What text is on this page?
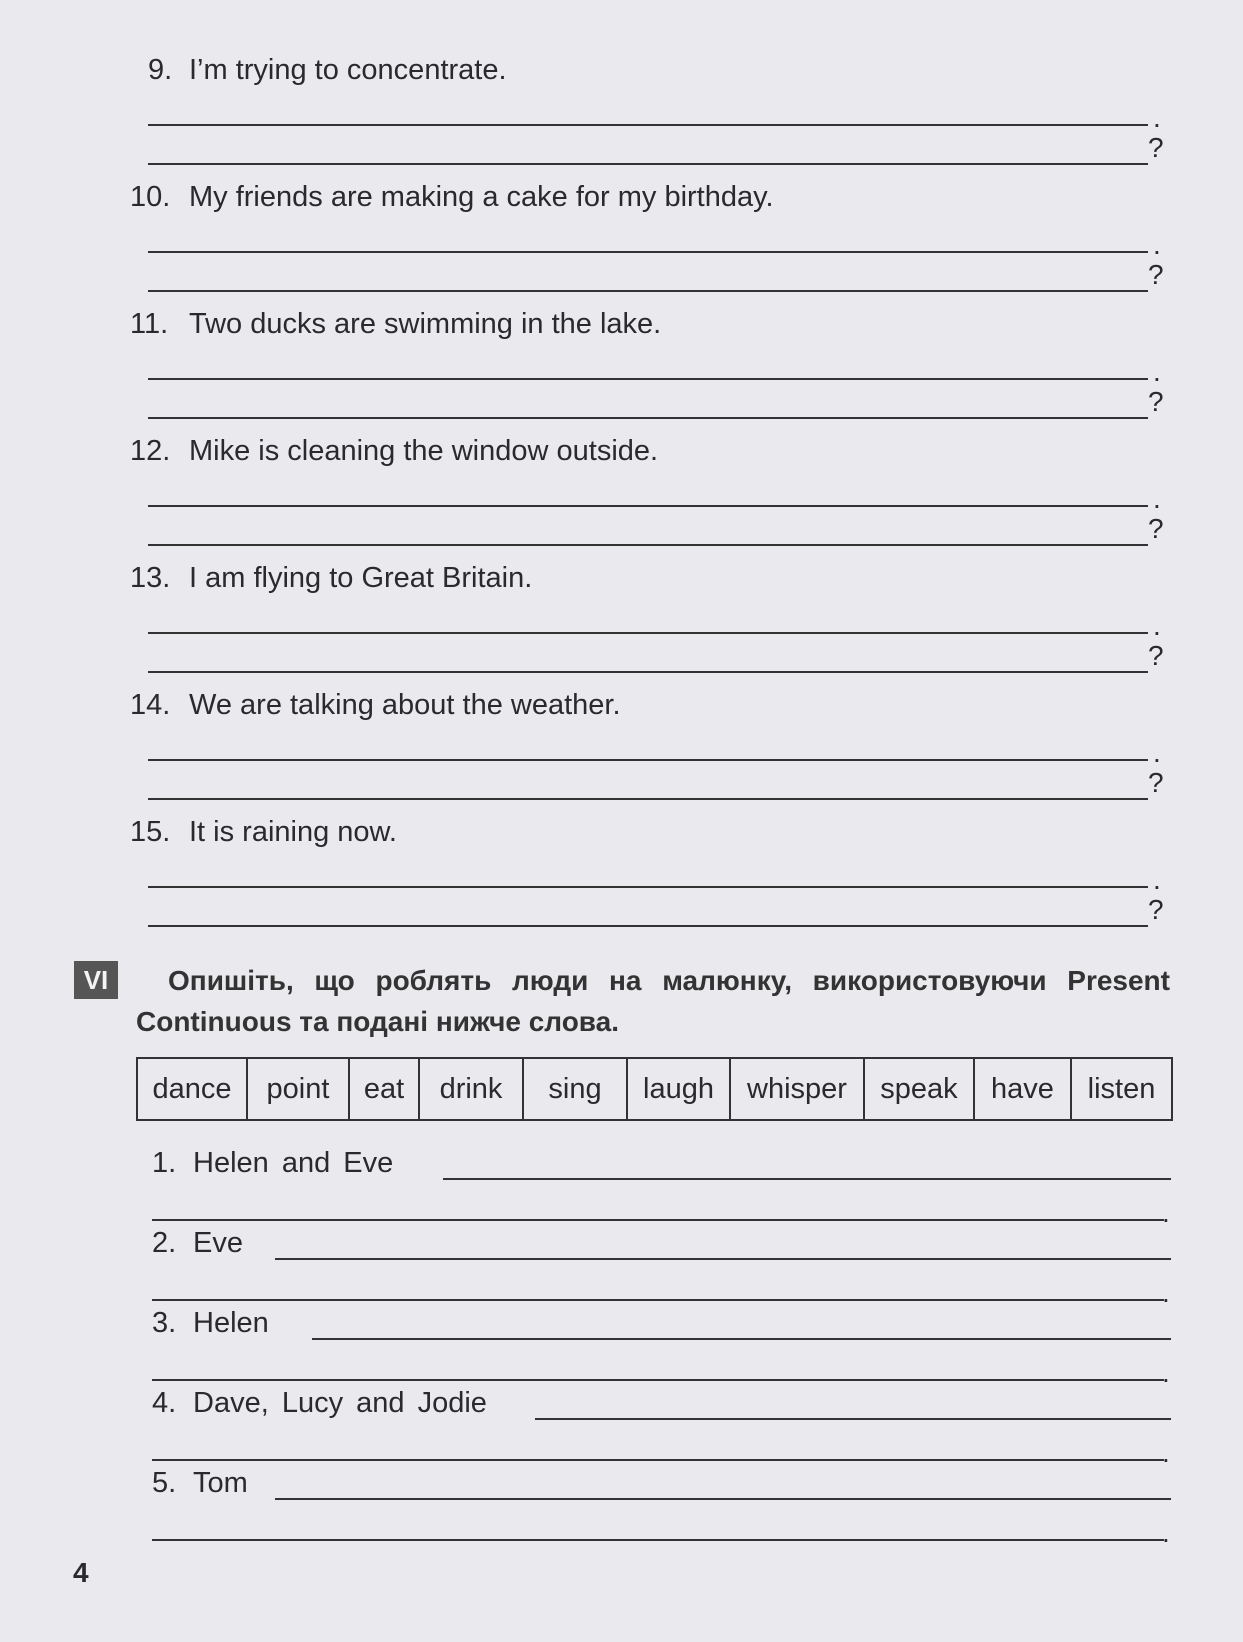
9. I’m trying to concentrate.
.
?
10. My friends are making a cake for my birthday.
.
?
11. Two ducks are swimming in the lake.
.
?
12. Mike is cleaning the window outside.
.
?
13. I am flying to Great Britain.
.
?
14. We are talking about the weather.
.
?
15. It is raining now.
.
?
VI	Опишіть, що роблять люди на малюнку, використовуючи Present Continuous та подані нижче слова.
dance	point	eat	drink	sing	laugh	whisper	speak	have	listen
1. Helen and Eve
.
2. Eve
.
3. Helen
.
4. Dave, Lucy and Jodie
.
5. Tom
.
4
